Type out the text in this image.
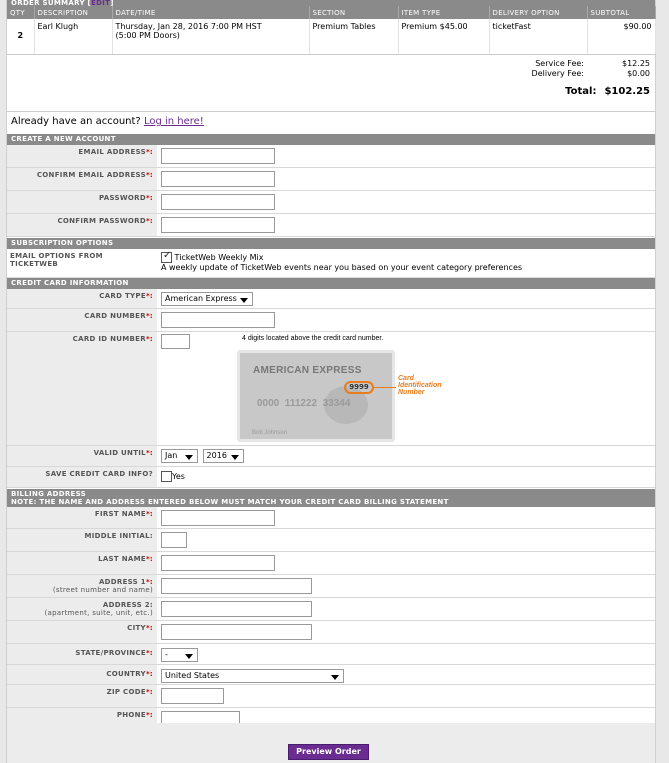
ORDER SUMMARY [EDIT]
QTY	DESCRIPTION	DATE/TIME	SECTION	ITEM TYPE	DELIVERY OPTION	SUBTOTAL
2	Earl Klugh	Thursday, Jan 28, 2016 7:00 PM HST
(5:00 PM Doors)	Premium Tables	Premium $45.00	ticketFast	$90.00
Service Fee:	$12.25
Delivery Fee:	$0.00
Total: $102.25
Already have an account? Log in here!
CREATE A NEW ACCOUNT
EMAIL ADDRESS*:
CONFIRM EMAIL ADDRESS*:
PASSWORD*:
CONFIRM PASSWORD*:
SUBSCRIPTION OPTIONS
EMAIL OPTIONS FROM TICKETWEB
✓ TicketWeb Weekly Mix
A weekly update of TicketWeb events near you based on your event category preferences
CREDIT CARD INFORMATION
CARD TYPE*:	American Express
CARD NUMBER*:
CARD ID NUMBER*:	4 digits located above the credit card number.
AMERICAN EXPRESS
0000  111222  33344
9999
Bob Johnson
Card
Identification
Number
VALID UNTIL*:	Jan	2016
SAVE CREDIT CARD INFO?	Yes
BILLING ADDRESS
NOTE: THE NAME AND ADDRESS ENTERED BELOW MUST MATCH YOUR CREDIT CARD BILLING STATEMENT
FIRST NAME*:
MIDDLE INITIAL:
LAST NAME*:
ADDRESS 1*:
(street number and name)
ADDRESS 2:
(apartment, suite, unit, etc.)
CITY*:
STATE/PROVINCE*:	-
COUNTRY*:	United States
ZIP CODE*:
PHONE*:
Preview Order
